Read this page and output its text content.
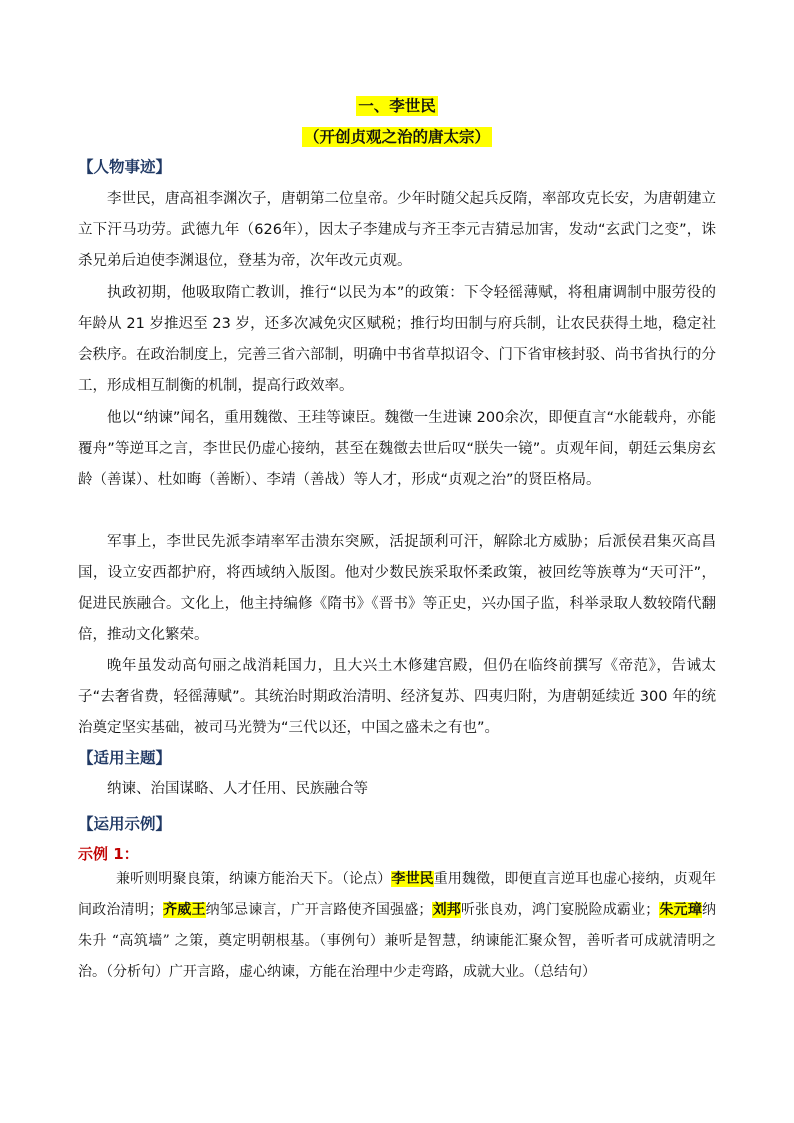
一、李世民
（开创贞观之治的唐太宗）
【人物事迹】

李世民，唐高祖李渊次子，唐朝第二位皇帝。少年时随父起兵反隋，率部攻克长安，为唐朝建立立下汗马功劳。武德九年（626年），因太子李建成与齐王李元吉猜忌加害，发动“玄武门之变”，诛杀兄弟后迫使李渊退位，登基为帝，次年改元贞观。

执政初期，他吸取隋亡教训，推行“以民为本”的政策：下令轻徭薄赋，将租庸调制中服劳役的年龄从 21 岁推迟至 23 岁，还多次减免灾区赋税；推行均田制与府兵制，让农民获得土地，稳定社会秩序。在政治制度上，完善三省六部制，明确中书省草拟诏令、门下省审核封驳、尚书省执行的分工，形成相互制衡的机制，提高行政效率。

他以“纳谏”闻名，重用魏徵、王珪等谏臣。魏徵一生进谏 200余次，即便直言“水能载舟，亦能覆舟”等逆耳之言，李世民仍虚心接纳，甚至在魏徵去世后叹“朕失一镜”。贞观年间，朝廷云集房玄龄（善谋）、杜如晦（善断）、李靖（善战）等人才，形成“贞观之治”的贤臣格局。

军事上，李世民先派李靖率军击溃东突厥，活捉颉利可汗，解除北方威胁；后派侯君集灭高昌国，设立安西都护府，将西域纳入版图。他对少数民族采取怀柔政策，被回纥等族尊为“天可汗”，促进民族融合。文化上，他主持编修《隋书》《晋书》等正史，兴办国子监，科举录取人数较隋代翻倍，推动文化繁荣。

晚年虽发动高句丽之战消耗国力，且大兴土木修建宫殿，但仍在临终前撰写《帝范》，告诫太子“去奢省费，轻徭薄赋”。其统治时期政治清明、经济复苏、四夷归附，为唐朝延续近 300 年的统治奠定坚实基础，被司马光赞为“三代以还，中国之盛未之有也”。

【适用主题】

纳谏、治国谋略、人才任用、民族融合等

【运用示例】
示例 1：

兼听则明聚良策，纳谏方能治天下。（论点）李世民重用魏徵，即便直言逆耳也虚心接纳，贞观年间政治清明；齐威王纳邹忌谏言，广开言路使齐国强盛；刘邦听张良劝，鸿门宴脱险成霸业；朱元璋纳朱升 “高筑墙” 之策，奠定明朝根基。（事例句）兼听是智慧，纳谏能汇聚众智，善听者可成就清明之治。（分析句）广开言路，虚心纳谏，方能在治理中少走弯路，成就大业。（总结句）
